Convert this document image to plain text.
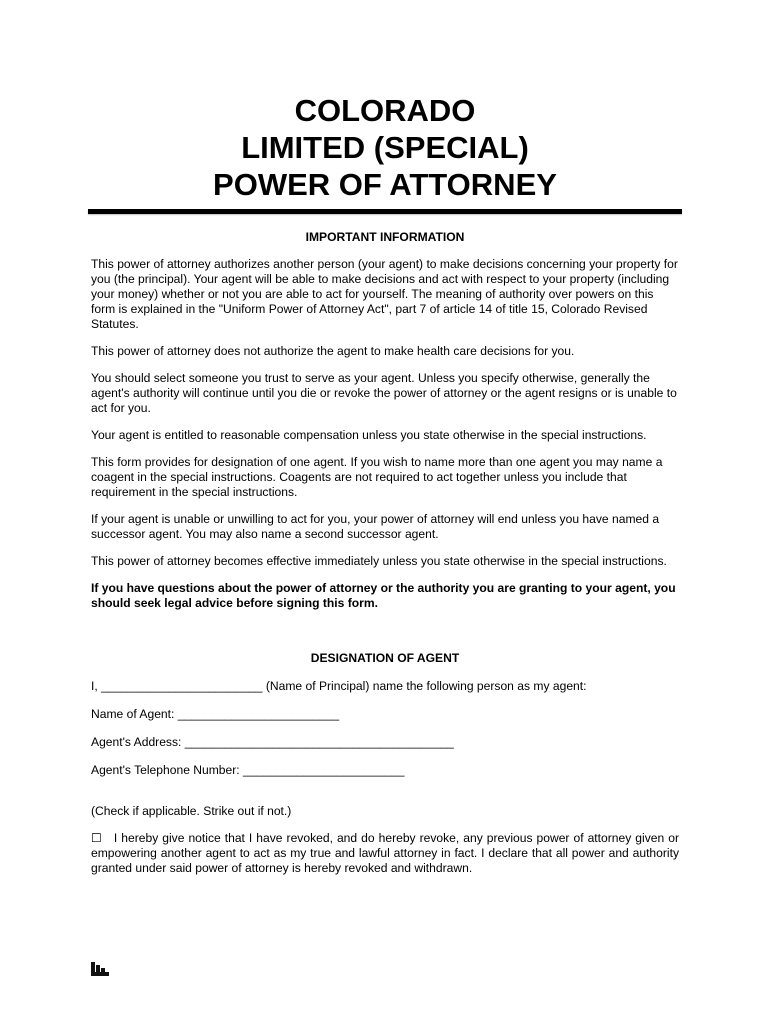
COLORADO
LIMITED (SPECIAL)
POWER OF ATTORNEY

IMPORTANT INFORMATION

This power of attorney authorizes another person (your agent) to make decisions concerning your property for you (the principal). Your agent will be able to make decisions and act with respect to your property (including your money) whether or not you are able to act for yourself. The meaning of authority over powers on this form is explained in the "Uniform Power of Attorney Act", part 7 of article 14 of title 15, Colorado Revised Statutes.

This power of attorney does not authorize the agent to make health care decisions for you.

You should select someone you trust to serve as your agent. Unless you specify otherwise, generally the agent's authority will continue until you die or revoke the power of attorney or the agent resigns or is unable to act for you.

Your agent is entitled to reasonable compensation unless you state otherwise in the special instructions.

This form provides for designation of one agent. If you wish to name more than one agent you may name a coagent in the special instructions. Coagents are not required to act together unless you include that requirement in the special instructions.

If your agent is unable or unwilling to act for you, your power of attorney will end unless you have named a successor agent. You may also name a second successor agent.

This power of attorney becomes effective immediately unless you state otherwise in the special instructions.

If you have questions about the power of attorney or the authority you are granting to your agent, you should seek legal advice before signing this form.

DESIGNATION OF AGENT

I, ________________________ (Name of Principal) name the following person as my agent:

Name of Agent: ________________________

Agent's Address: ________________________________________

Agent's Telephone Number: ________________________

(Check if applicable. Strike out if not.)

☐ I hereby give notice that I have revoked, and do hereby revoke, any previous power of attorney given or empowering another agent to act as my true and lawful attorney in fact. I declare that all power and authority granted under said power of attorney is hereby revoked and withdrawn.
